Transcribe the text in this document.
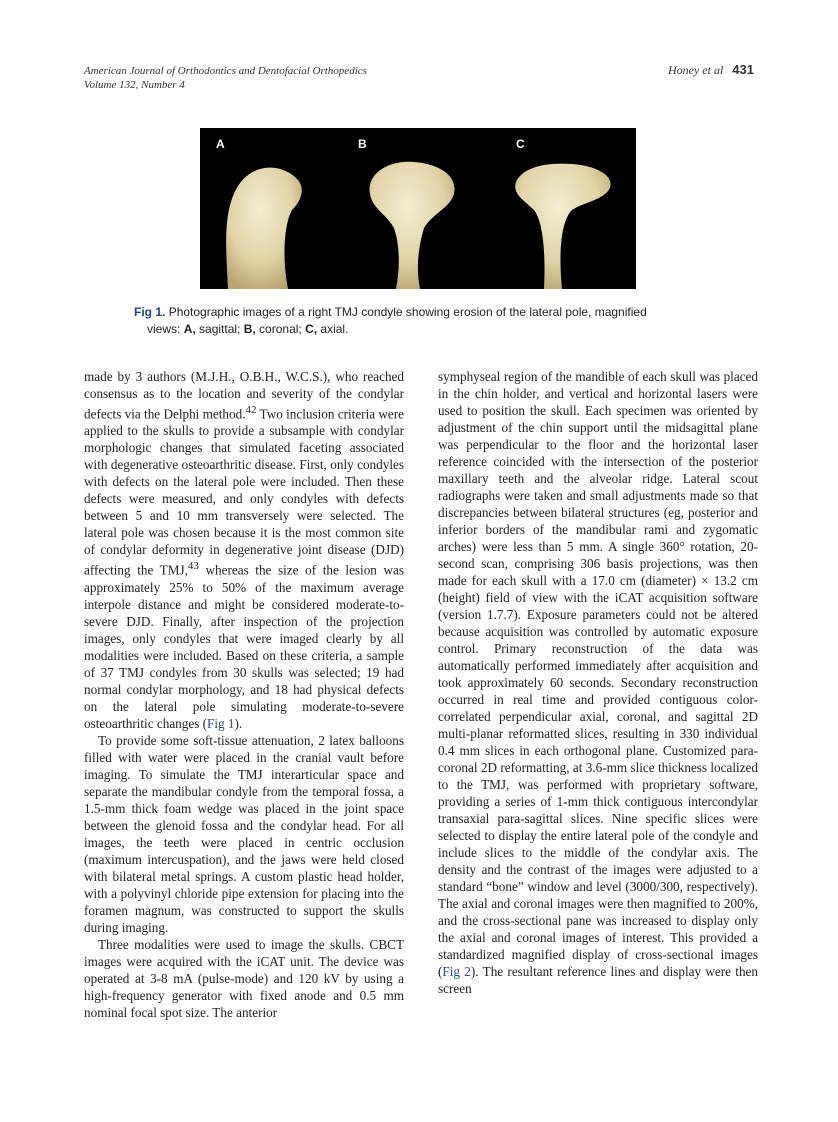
American Journal of Orthodontics and Dentofacial Orthopedics
Volume 132, Number 4
Honey et al 431
A	B	C
Fig 1. Photographic images of a right TMJ condyle showing erosion of the lateral pole, magnified
views: A, sagittal; B, coronal; C, axial.

made by 3 authors (M.J.H., O.B.H., W.C.S.), who reached consensus as to the location and severity of the condylar defects via the Delphi method.$^{42}$ Two inclusion criteria were applied to the skulls to provide a subsample with condylar morphologic changes that simulated faceting associated with degenerative osteoarthritic disease. First, only condyles with defects on the lateral pole were included. Then these defects were measured, and only condyles with defects between 5 and 10 mm transversely were selected. The lateral pole was chosen because it is the most common site of condylar deformity in degenerative joint disease (DJD) affecting the TMJ,$^{43}$ whereas the size of the lesion was approximately 25% to 50% of the maximum average interpole distance and might be considered moderate-to-severe DJD. Finally, after inspection of the projection images, only condyles that were imaged clearly by all modalities were included. Based on these criteria, a sample of 37 TMJ condyles from 30 skulls was selected; 19 had normal condylar morphology, and 18 had physical defects on the lateral pole simulating moderate-to-severe osteoarthritic changes (Fig 1).

To provide some soft-tissue attenuation, 2 latex balloons filled with water were placed in the cranial vault before imaging. To simulate the TMJ interarticular space and separate the mandibular condyle from the temporal fossa, a 1.5-mm thick foam wedge was placed in the joint space between the glenoid fossa and the condylar head. For all images, the teeth were placed in centric occlusion (maximum intercuspation), and the jaws were held closed with bilateral metal springs. A custom plastic head holder, with a polyvinyl chloride pipe extension for placing into the foramen magnum, was constructed to support the skulls during imaging.

Three modalities were used to image the skulls. CBCT images were acquired with the iCAT unit. The device was operated at 3-8 mA (pulse-mode) and 120 kV by using a high-frequency generator with fixed anode and 0.5 mm nominal focal spot size. The anterior

symphyseal region of the mandible of each skull was placed in the chin holder, and vertical and horizontal lasers were used to position the skull. Each specimen was oriented by adjustment of the chin support until the midsagittal plane was perpendicular to the floor and the horizontal laser reference coincided with the intersection of the posterior maxillary teeth and the alveolar ridge. Lateral scout radiographs were taken and small adjustments made so that discrepancies between bilateral structures (eg, posterior and inferior borders of the mandibular rami and zygomatic arches) were less than 5 mm. A single 360° rotation, 20-second scan, comprising 306 basis projections, was then made for each skull with a 17.0 cm (diameter) × 13.2 cm (height) field of view with the iCAT acquisition software (version 1.7.7). Exposure parameters could not be altered because acquisition was controlled by automatic exposure control. Primary reconstruction of the data was automatically performed immediately after acquisition and took approximately 60 seconds. Secondary reconstruction occurred in real time and provided contiguous color-correlated perpendicular axial, coronal, and sagittal 2D multi-planar reformatted slices, resulting in 330 individual 0.4 mm slices in each orthogonal plane. Customized para-coronal 2D reformatting, at 3.6-mm slice thickness localized to the TMJ, was performed with proprietary software, providing a series of 1-mm thick contiguous intercondylar transaxial para-sagittal slices. Nine specific slices were selected to display the entire lateral pole of the condyle and include slices to the middle of the condylar axis. The density and the contrast of the images were adjusted to a standard “bone” window and level (3000/300, respectively). The axial and coronal images were then magnified to 200%, and the cross-sectional pane was increased to display only the axial and coronal images of interest. This provided a standardized magnified display of cross-sectional images (Fig 2). The resultant reference lines and display were then screen
